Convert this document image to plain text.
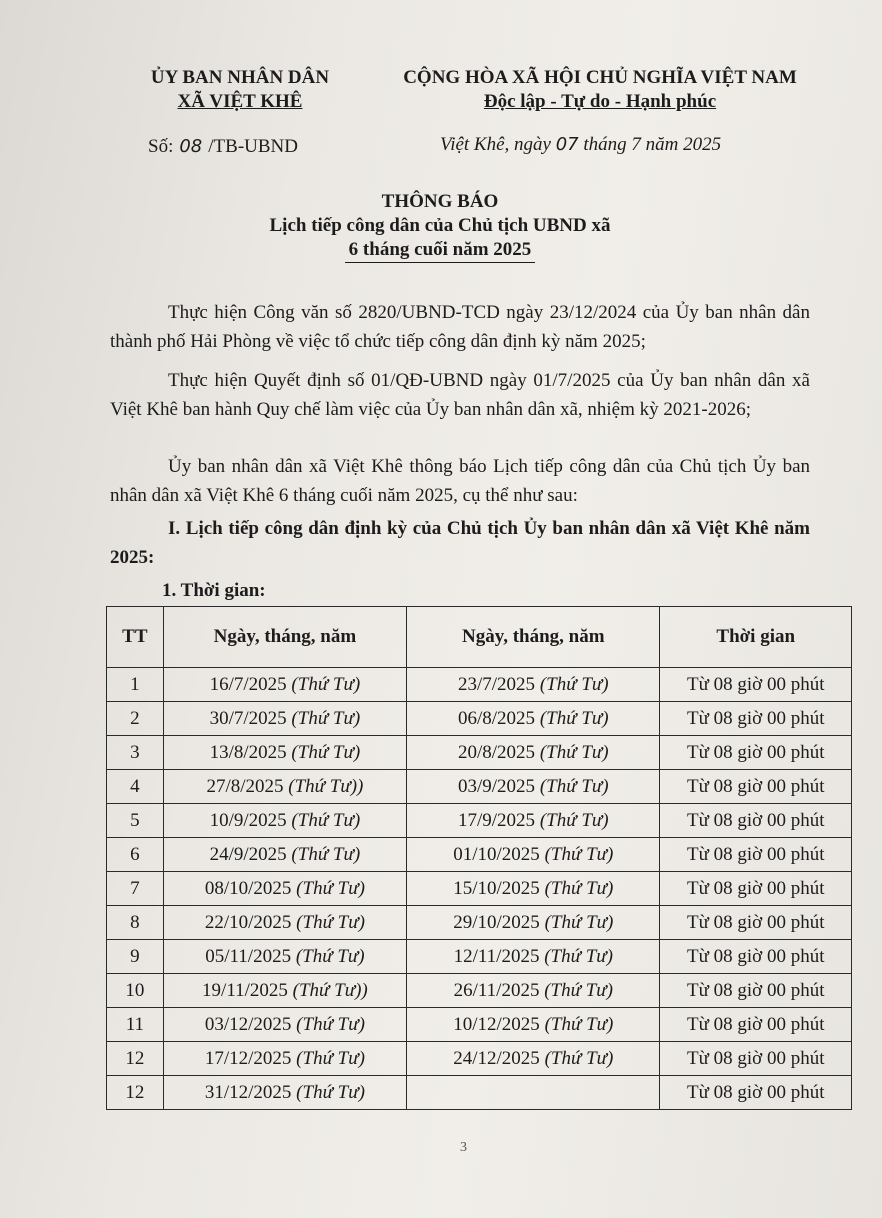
ỦY BAN NHÂN DÂN
XÃ VIỆT KHÊ
CỘNG HÒA XÃ HỘI CHỦ NGHĨA VIỆT NAM
Độc lập - Tự do - Hạnh phúc
Số: 08 /TB-UBND	Việt Khê, ngày 07 tháng 7 năm 2025
THÔNG BÁO
Lịch tiếp công dân của Chủ tịch UBND xã
6 tháng cuối năm 2025
Thực hiện Công văn số 2820/UBND-TCD ngày 23/12/2024 của Ủy ban nhân dân thành phố Hải Phòng về việc tổ chức tiếp công dân định kỳ năm 2025;
Thực hiện Quyết định số 01/QĐ-UBND ngày 01/7/2025 của Ủy ban nhân dân xã Việt Khê ban hành Quy chế làm việc của Ủy ban nhân dân xã, nhiệm kỳ 2021-2026;
Ủy ban nhân dân xã Việt Khê thông báo Lịch tiếp công dân của Chủ tịch Ủy ban nhân dân xã Việt Khê 6 tháng cuối năm 2025, cụ thể như sau:
I. Lịch tiếp công dân định kỳ của Chủ tịch Ủy ban nhân dân xã Việt Khê năm 2025:
1. Thời gian:
TT	Ngày, tháng, năm	Ngày, tháng, năm	Thời gian
1	16/7/2025 (Thứ Tư)	23/7/2025 (Thứ Tư)	Từ 08 giờ 00 phút
2	30/7/2025 (Thứ Tư)	06/8/2025 (Thứ Tư)	Từ 08 giờ 00 phút
3	13/8/2025 (Thứ Tư)	20/8/2025 (Thứ Tư)	Từ 08 giờ 00 phút
4	27/8/2025 (Thứ Tư))	03/9/2025 (Thứ Tư)	Từ 08 giờ 00 phút
5	10/9/2025 (Thứ Tư)	17/9/2025 (Thứ Tư)	Từ 08 giờ 00 phút
6	24/9/2025 (Thứ Tư)	01/10/2025 (Thứ Tư)	Từ 08 giờ 00 phút
7	08/10/2025 (Thứ Tư)	15/10/2025 (Thứ Tư)	Từ 08 giờ 00 phút
8	22/10/2025 (Thứ Tư)	29/10/2025 (Thứ Tư)	Từ 08 giờ 00 phút
9	05/11/2025 (Thứ Tư)	12/11/2025 (Thứ Tư)	Từ 08 giờ 00 phút
10	19/11/2025 (Thứ Tư))	26/11/2025 (Thứ Tư)	Từ 08 giờ 00 phút
11	03/12/2025 (Thứ Tư)	10/12/2025 (Thứ Tư)	Từ 08 giờ 00 phút
12	17/12/2025 (Thứ Tư)	24/12/2025 (Thứ Tư)	Từ 08 giờ 00 phút
12	31/12/2025 (Thứ Tư)		Từ 08 giờ 00 phút
3
